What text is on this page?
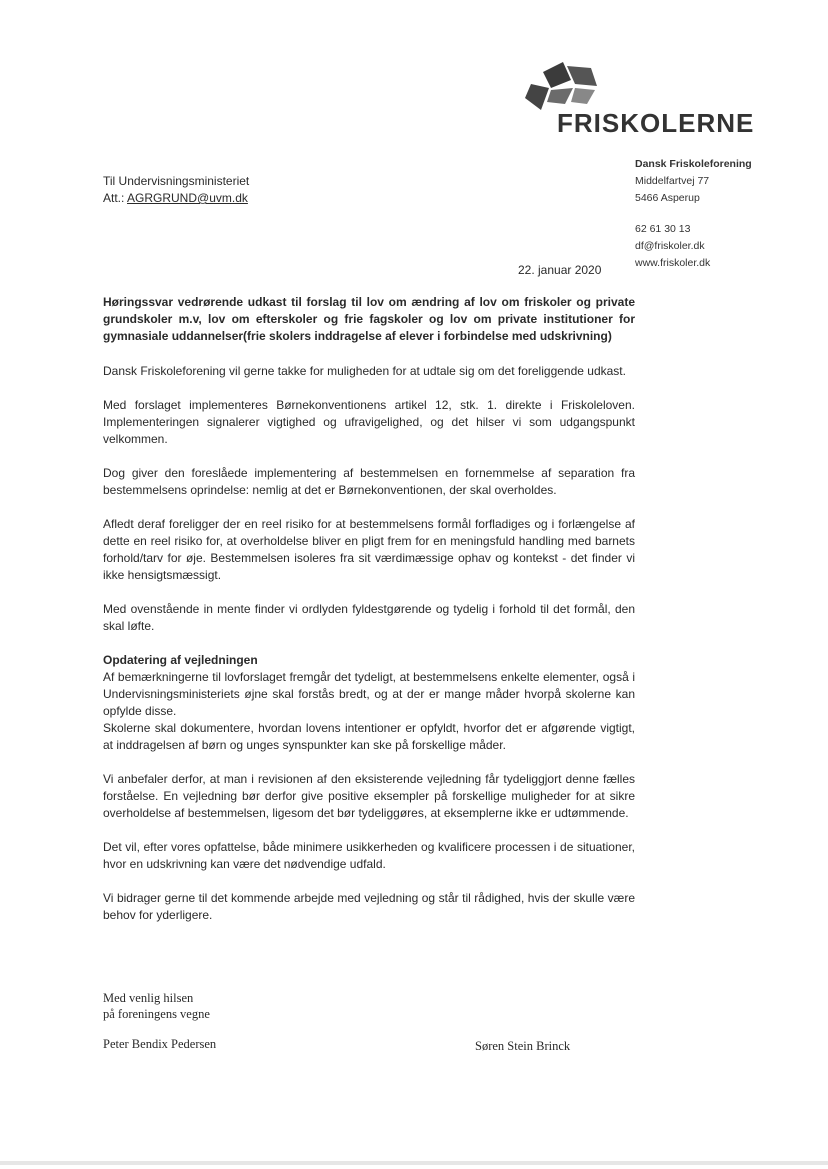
FRISKOLERNE
Dansk Friskoleforening
Middelfartvej 77
5466 Asperup
62 61 30 13
df@friskoler.dk
www.friskoler.dk
Til Undervisningsministeriet
Att.: AGRGRUND@uvm.dk
22. januar 2020

Høringssvar vedrørende udkast til forslag til lov om ændring af lov om friskoler og private grundskoler m.v, lov om efterskoler og frie fagskoler og lov om private institutioner for gymnasiale uddannelser(frie skolers inddragelse af elever i forbindelse med udskrivning)

Dansk Friskoleforening vil gerne takke for muligheden for at udtale sig om det foreliggende udkast.

Med forslaget implementeres Børnekonventionens artikel 12, stk. 1. direkte i Friskoleloven. Implementeringen signalerer vigtighed og ufravigelighed, og det hilser vi som udgangspunkt velkommen.

Dog giver den foreslåede implementering af bestemmelsen en fornemmelse af separation fra bestemmelsens oprindelse: nemlig at det er Børnekonventionen, der skal overholdes.

Afledt deraf foreligger der en reel risiko for at bestemmelsens formål forfladiges og i forlængelse af dette en reel risiko for, at overholdelse bliver en pligt frem for en meningsfuld handling med barnets forhold/tarv for øje. Bestemmelsen isoleres fra sit værdimæssige ophav og kontekst - det finder vi ikke hensigtsmæssigt.

Med ovenstående in mente finder vi ordlyden fyldestgørende og tydelig i forhold til det formål, den skal løfte.

Opdatering af vejledningen

Af bemærkningerne til lovforslaget fremgår det tydeligt, at bestemmelsens enkelte elementer, også i Undervisningsministeriets øjne skal forstås bredt, og at der er mange måder hvorpå skolerne kan opfylde disse.

Skolerne skal dokumentere, hvordan lovens intentioner er opfyldt, hvorfor det er afgørende vigtigt, at inddragelsen af børn og unges synspunkter kan ske på forskellige måder.

Vi anbefaler derfor, at man i revisionen af den eksisterende vejledning får tydeliggjort denne fælles forståelse. En vejledning bør derfor give positive eksempler på forskellige muligheder for at sikre overholdelse af bestemmelsen, ligesom det bør tydeliggøres, at eksemplerne ikke er udtømmende.

Det vil, efter vores opfattelse, både minimere usikkerheden og kvalificere processen i de situationer, hvor en udskrivning kan være det nødvendige udfald.

Vi bidrager gerne til det kommende arbejde med vejledning og står til rådighed, hvis der skulle være behov for yderligere.

Med venlig hilsen
på foreningens vegne
Peter Bendix Pedersen	Søren Stein Brinck
